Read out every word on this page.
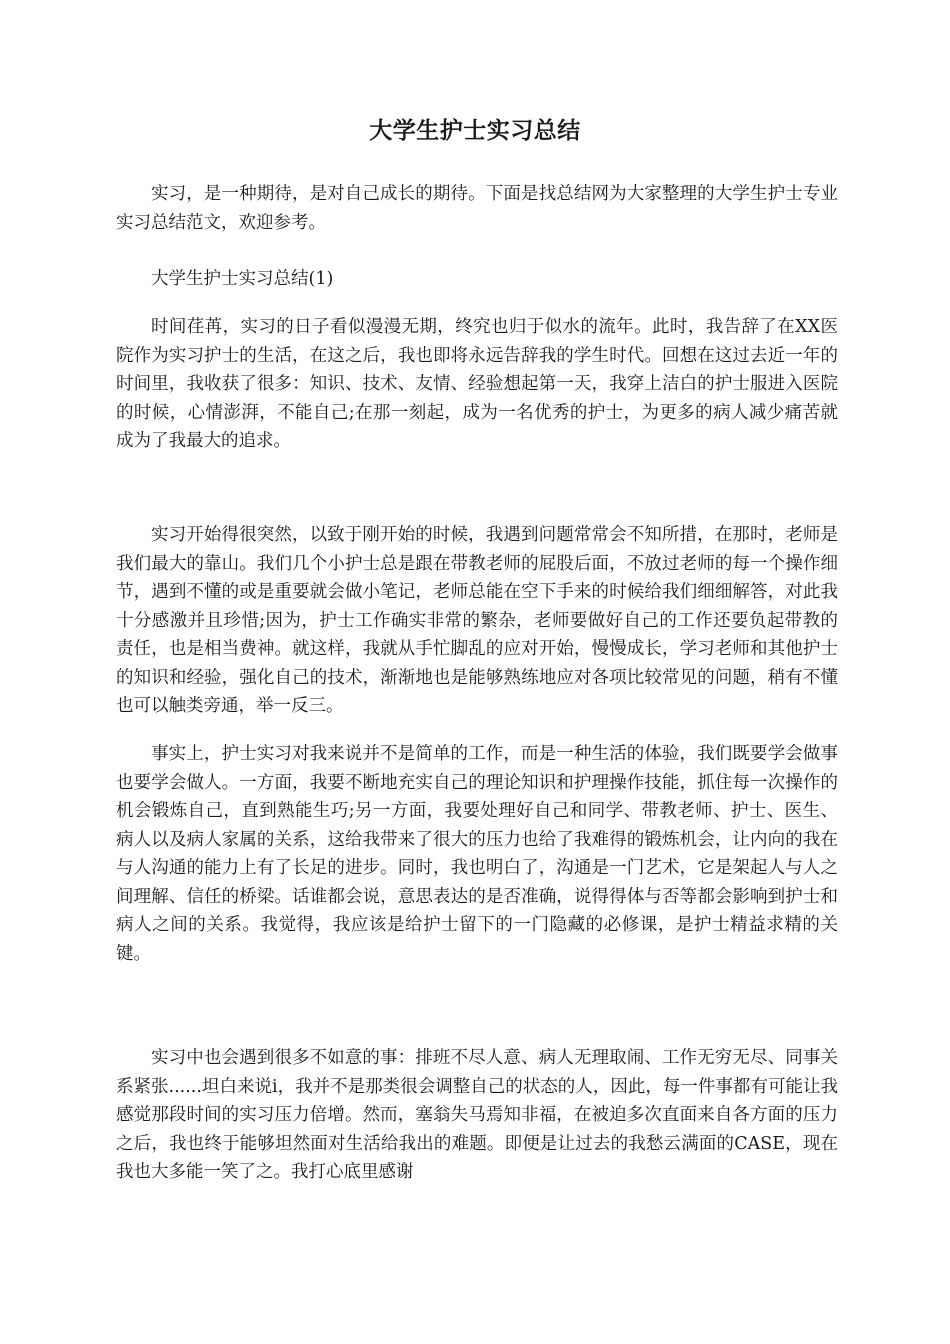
大学生护士实习总结

实习，是一种期待，是对自己成长的期待。下面是找总结网为大家整理的大学生护士专业实习总结范文，欢迎参考。

大学生护士实习总结(1)

时间荏苒，实习的日子看似漫漫无期，终究也归于似水的流年。此时，我告辞了在XX医院作为实习护士的生活，在这之后，我也即将永远告辞我的学生时代。回想在这过去近一年的时间里，我收获了很多：知识、技术、友情、经验想起第一天，我穿上洁白的护士服进入医院的时候，心情澎湃，不能自己;在那一刻起，成为一名优秀的护士，为更多的病人减少痛苦就成为了我最大的追求。

实习开始得很突然，以致于刚开始的时候，我遇到问题常常会不知所措，在那时，老师是我们最大的靠山。我们几个小护士总是跟在带教老师的屁股后面，不放过老师的每一个操作细节，遇到不懂的或是重要就会做小笔记，老师总能在空下手来的时候给我们细细解答，对此我十分感激并且珍惜;因为，护士工作确实非常的繁杂，老师要做好自己的工作还要负起带教的责任，也是相当费神。就这样，我就从手忙脚乱的应对开始，慢慢成长，学习老师和其他护士的知识和经验，强化自己的技术，渐渐地也是能够熟练地应对各项比较常见的问题，稍有不懂也可以触类旁通，举一反三。

事实上，护士实习对我来说并不是简单的工作，而是一种生活的体验，我们既要学会做事也要学会做人。一方面，我要不断地充实自己的理论知识和护理操作技能，抓住每一次操作的机会锻炼自己，直到熟能生巧;另一方面，我要处理好自己和同学、带教老师、护士、医生、病人以及病人家属的关系，这给我带来了很大的压力也给了我难得的锻炼机会，让内向的我在与人沟通的能力上有了长足的进步。同时，我也明白了，沟通是一门艺术，它是架起人与人之间理解、信任的桥梁。话谁都会说，意思表达的是否准确，说得得体与否等都会影响到护士和病人之间的关系。我觉得，我应该是给护士留下的一门隐藏的必修课，是护士精益求精的关键。

实习中也会遇到很多不如意的事：排班不尽人意、病人无理取闹、工作无穷无尽、同事关系紧张......坦白来说i，我并不是那类很会调整自己的状态的人，因此，每一件事都有可能让我感觉那段时间的实习压力倍增。然而，塞翁失马焉知非福，在被迫多次直面来自各方面的压力之后，我也终于能够坦然面对生活给我出的难题。即便是让过去的我愁云满面的CASE，现在我也大多能一笑了之。我打心底里感谢
